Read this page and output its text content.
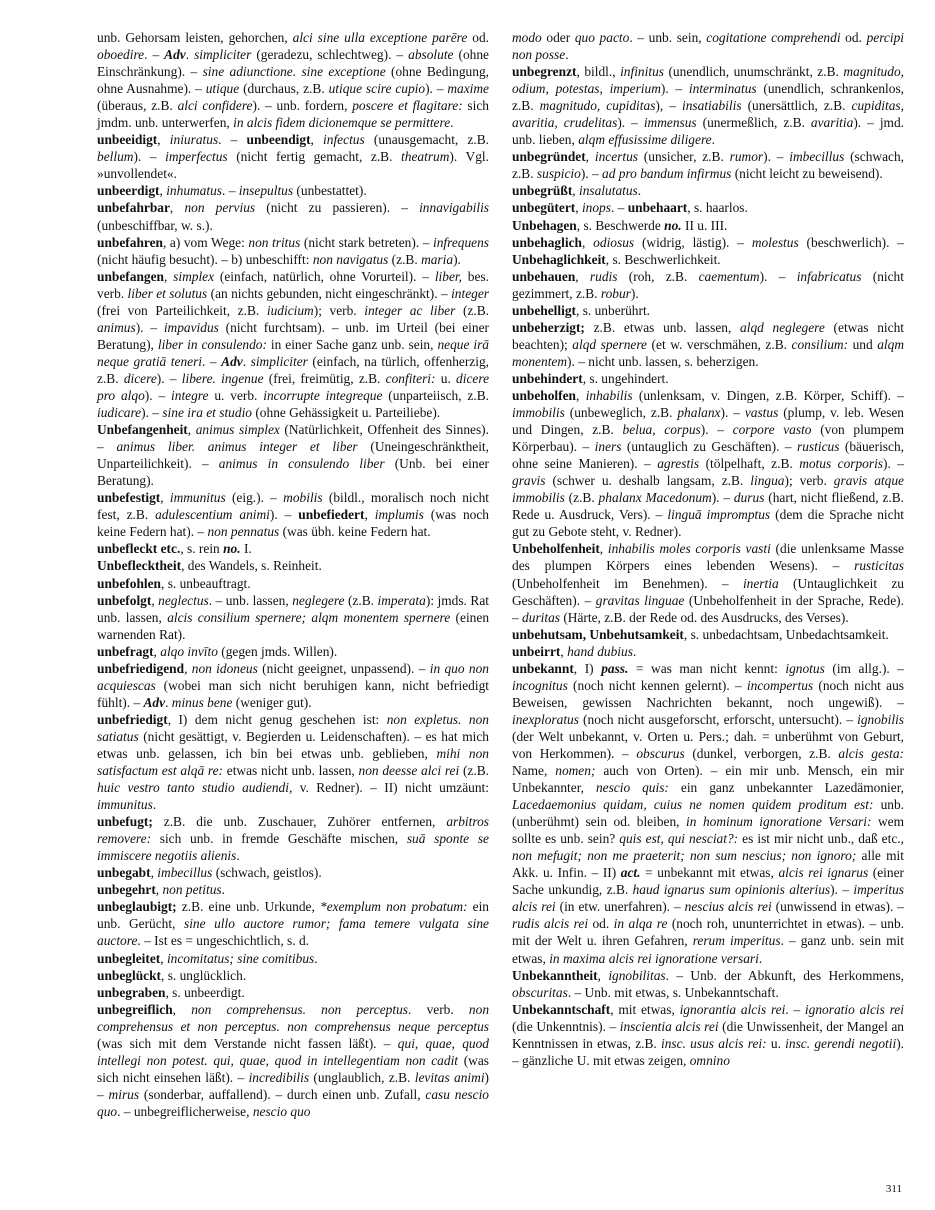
unb. Gehorsam leisten, gehorchen, alci sine ulla exceptione parēre od. oboedire. – Adv. simpliciter (geradezu, schlechtweg). – absolute (ohne Einschränkung). – sine adiunctione. sine exceptione (ohne Bedingung, ohne Ausnahme). – utique (durchaus, z.B. utique scire cupio). – maxime (überaus, z.B. alci confidere). – unb. fordern, poscere et flagitare: sich jmdm. unb. unterwerfen, in alcis fidem dicionemque se permittere.

unbeeidigt, iniuratus. – unbeendigt, infectus (unausgemacht, z.B. bellum). – imperfectus (nicht fertig gemacht, z.B. theatrum). Vgl. »unvollendet«.

unbeerdigt, inhumatus. – insepultus (unbestattet).

unbefahrbar, non pervius (nicht zu passieren). – innavigabilis (unbeschiffbar, w. s.).

unbefahren, a) vom Wege: non tritus (nicht stark betreten). – infrequens (nicht häufig besucht). – b) unbeschifft: non navigatus (z.B. maria).

unbefangen, simplex (einfach, natürlich, ohne Vorurteil). – liber, bes. verb. liber et solutus (an nichts gebunden, nicht eingeschränkt). – integer (frei von Parteilichkeit, z.B. iudicium); verb. integer ac liber (z.B. animus). – impavidus (nicht furchtsam). – unb. im Urteil (bei einer Beratung), liber in consulendo: in einer Sache ganz unb. sein, neque irā neque gratiā teneri. – Adv. simpliciter (einfach, na türlich, offenherzig, z.B. dicere). – libere. ingenue (frei, freimütig, z.B. confiteri: u. dicere pro alqo). – integre u. verb. incorrupte integreque (unparteiisch, z.B. iudicare). – sine ira et studio (ohne Gehässigkeit u. Parteiliebe).

Unbefangenheit, animus simplex (Natürlichkeit, Offenheit des Sinnes). – animus liber. animus integer et liber (Uneingeschränktheit, Unparteilichkeit). – animus in consulendo liber (Unb. bei einer Beratung).

unbefestigt, immunitus (eig.). – mobilis (bildl., moralisch noch nicht fest, z.B. adulescentium animi). – unbefiedert, implumis (was noch keine Federn hat). – non pennatus (was übh. keine Federn hat.

unbefleckt etc., s. rein no. I.

Unbeflecktheit, des Wandels, s. Reinheit.

unbefohlen, s. unbeauftragt.

unbefolgt, neglectus. – unb. lassen, neglegere (z.B. imperata): jmds. Rat unb. lassen, alcis consilium spernere; alqm monentem spernere (einen warnenden Rat).

unbefragt, alqo invīto (gegen jmds. Willen).

unbefriedigend, non idoneus (nicht geeignet, unpassend). – in quo non acquiescas (wobei man sich nicht beruhigen kann, nicht befriedigt fühlt). – Adv. minus bene (weniger gut).

unbefriedigt, I) dem nicht genug geschehen ist: non expletus. non satiatus (nicht gesättigt, v. Begierden u. Leidenschaften). – es hat mich etwas unb. gelassen, ich bin bei etwas unb. geblieben, mihi non satisfactum est alqā re: etwas nicht unb. lassen, non deesse alci rei (z.B. huic vestro tanto studio audiendi, v. Redner). – II) nicht umzäunt: immunitus.

unbefugt; z.B. die unb. Zuschauer, Zuhörer entfernen, arbitros removere: sich unb. in fremde Geschäfte mischen, suā sponte se immiscere negotiis alienis.

unbegabt, imbecillus (schwach, geistlos).

unbegehrt, non petitus.

unbeglaubigt; z.B. eine unb. Urkunde, *exemplum non probatum: ein unb. Gerücht, sine ullo auctore rumor; fama temere vulgata sine auctore. – Ist es = ungeschichtlich, s. d.

unbegleitet, incomitatus; sine comitibus.

unbeglückt, s. unglücklich.

unbegraben, s. unbeerdigt.

unbegreiflich, non comprehensus. non perceptus. verb. non comprehensus et non perceptus. non comprehensus neque perceptus (was sich mit dem Verstande nicht fassen läßt). – qui, quae, quod intellegi non potest. qui, quae, quod in intellegentiam non cadit (was sich nicht einsehen läßt). – incredibilis (unglaublich, z.B. levitas animi) – mirus (sonderbar, auffallend). – durch einen unb. Zufall, casu nescio quo. – unbegreiflicherweise, nescio quo

modo oder quo pacto. – unb. sein, cogitatione comprehendi od. percipi non posse.

unbegrenzt, bildl., infinitus (unendlich, unumschränkt, z.B. magnitudo, odium, potestas, imperium). – interminatus (unendlich, schrankenlos, z.B. magnitudo, cupiditas), – insatiabilis (unersättlich, z.B. cupiditas, avaritia, crudelitas). – immensus (unermeßlich, z.B. avaritia). – jmd. unb. lieben, alqm effusissime diligere.

unbegründet, incertus (unsicher, z.B. rumor). – imbecillus (schwach, z.B. suspicio). – ad pro bandum infirmus (nicht leicht zu beweisend).

unbegrüßt, insalutatus.

unbegütert, inops. – unbehaart, s. haarlos.

Unbehagen, s. Beschwerde no. II u. III.

unbehaglich, odiosus (widrig, lästig). – molestus (beschwerlich). – Unbehaglichkeit, s. Beschwerlichkeit.

unbehauen, rudis (roh, z.B. caementum). – infabricatus (nicht gezimmert, z.B. robur).

unbehelligt, s. unberührt.

unbeherzigt; z.B. etwas unb. lassen, alqd neglegere (etwas nicht beachten); alqd spernere (et w. verschmähen, z.B. consilium: und alqm monentem). – nicht unb. lassen, s. beherzigen.

unbehindert, s. ungehindert.

unbeholfen, inhabilis (unlenksam, v. Dingen, z.B. Körper, Schiff). – immobilis (unbeweglich, z.B. phalanx). – vastus (plump, v. leb. Wesen und Dingen, z.B. belua, corpus). – corpore vasto (von plumpem Körperbau). – iners (untauglich zu Geschäften). – rusticus (bäuerisch, ohne seine Manieren). – agrestis (tölpelhaft, z.B. motus corporis). – gravis (schwer u. deshalb langsam, z.B. lingua); verb. gravis atque immobilis (z.B. phalanx Macedonum). – durus (hart, nicht fließend, z.B. Rede u. Ausdruck, Vers). – linguā impromptus (dem die Sprache nicht gut zu Gebote steht, v. Redner).

Unbeholfenheit, inhabilis moles corporis vasti (die unlenksame Masse des plumpen Körpers eines lebenden Wesens). – rusticitas (Unbeholfenheit im Benehmen). – inertia (Untauglichkeit zu Geschäften). – gravitas linguae (Unbeholfenheit in der Sprache, Rede). – duritas (Härte, z.B. der Rede od. des Ausdrucks, des Verses).

unbehutsam, Unbehutsamkeit, s. unbedachtsam, Unbedachtsamkeit.

unbeirrt, hand dubius.

unbekannt, I) pass. = was man nicht kennt: ignotus (im allg.). – incognitus (noch nicht kennen gelernt). – incompertus (noch nicht aus Beweisen, gewissen Nachrichten bekannt, noch ungewiß). – inexploratus (noch nicht ausgeforscht, erforscht, untersucht). – ignobilis (der Welt unbekannt, v. Orten u. Pers.; dah. = unberühmt von Geburt, von Herkommen). – obscurus (dunkel, verborgen, z.B. alcis gesta: Name, nomen; auch von Orten). – ein mir unb. Mensch, ein mir Unbekannter, nescio quis: ein ganz unbekannter Lazedämonier, Lacedaemonius quidam, cuius ne nomen quidem proditum est: unb. (unberühmt) sein od. bleiben, in hominum ignoratione Versari: wem sollte es unb. sein? quis est, qui nesciat?: es ist mir nicht unb., daß etc., non mefugit; non me praeterit; non sum nescius; non ignoro; alle mit Akk. u. Infin. – II) act. = unbekannt mit etwas, alcis rei ignarus (einer Sache unkundig, z.B. haud ignarus sum opinionis alterius). – imperitus alcis rei (in etw. unerfahren). – nescius alcis rei (unwissend in etwas). – rudis alcis rei od. in alqa re (noch roh, ununterrichtet in etwas). – unb. mit der Welt u. ihren Gefahren, rerum imperitus. – ganz unb. sein mit etwas, in maxima alcis rei ignoratione versari.

Unbekanntheit, ignobilitas. – Unb. der Abkunft, des Herkommens, obscuritas. – Unb. mit etwas, s. Unbekanntschaft.

Unbekanntschaft, mit etwas, ignorantia alcis rei. – ignoratio alcis rei (die Unkenntnis). – inscientia alcis rei (die Unwissenheit, der Mangel an Kenntnissen in etwas, z.B. insc. usus alcis rei: u. insc. gerendi negotii). – gänzliche U. mit etwas zeigen, omnino

311
